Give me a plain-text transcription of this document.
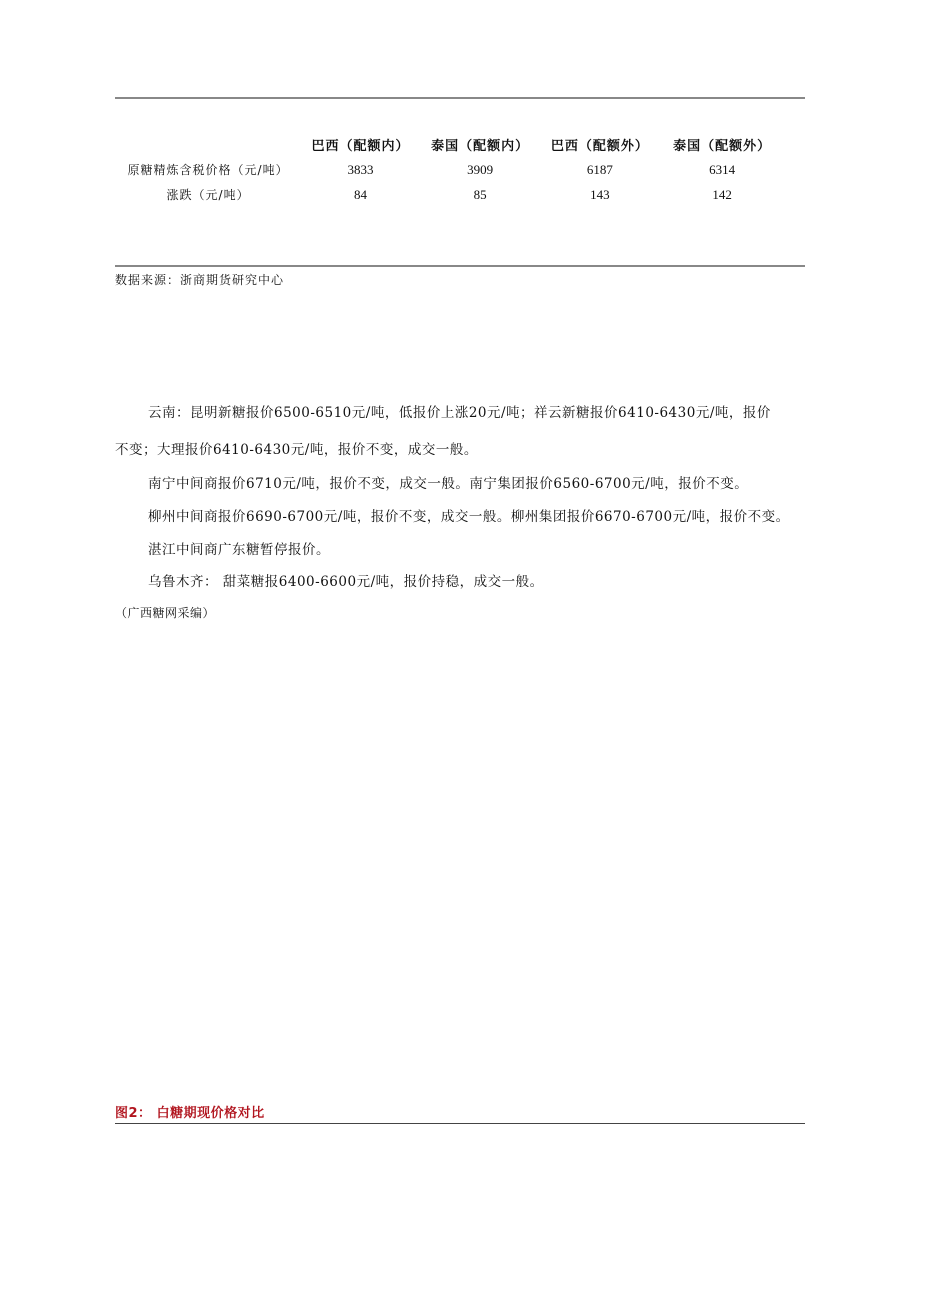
	巴西（配额内）	泰国（配额内）	巴西（配额外）	泰国（配额外）
原糖精炼含税价格（元/吨）	3833	3909	6187	6314
涨跌（元/吨）	84	85	143	142
数据来源：浙商期货研究中心
云南：昆明新糖报价6500-6510元/吨，低报价上涨20元/吨；祥云新糖报价6410-6430元/吨，报价
不变；大理报价6410-6430元/吨，报价不变，成交一般。
南宁中间商报价6710元/吨，报价不变，成交一般。南宁集团报价6560-6700元/吨，报价不变。
柳州中间商报价6690-6700元/吨，报价不变，成交一般。柳州集团报价6670-6700元/吨，报价不变。
湛江中间商广东糖暂停报价。
乌鲁木齐： 甜菜糖报6400-6600元/吨，报价持稳，成交一般。
（广西糖网采编）
图2： 白糖期现价格对比
